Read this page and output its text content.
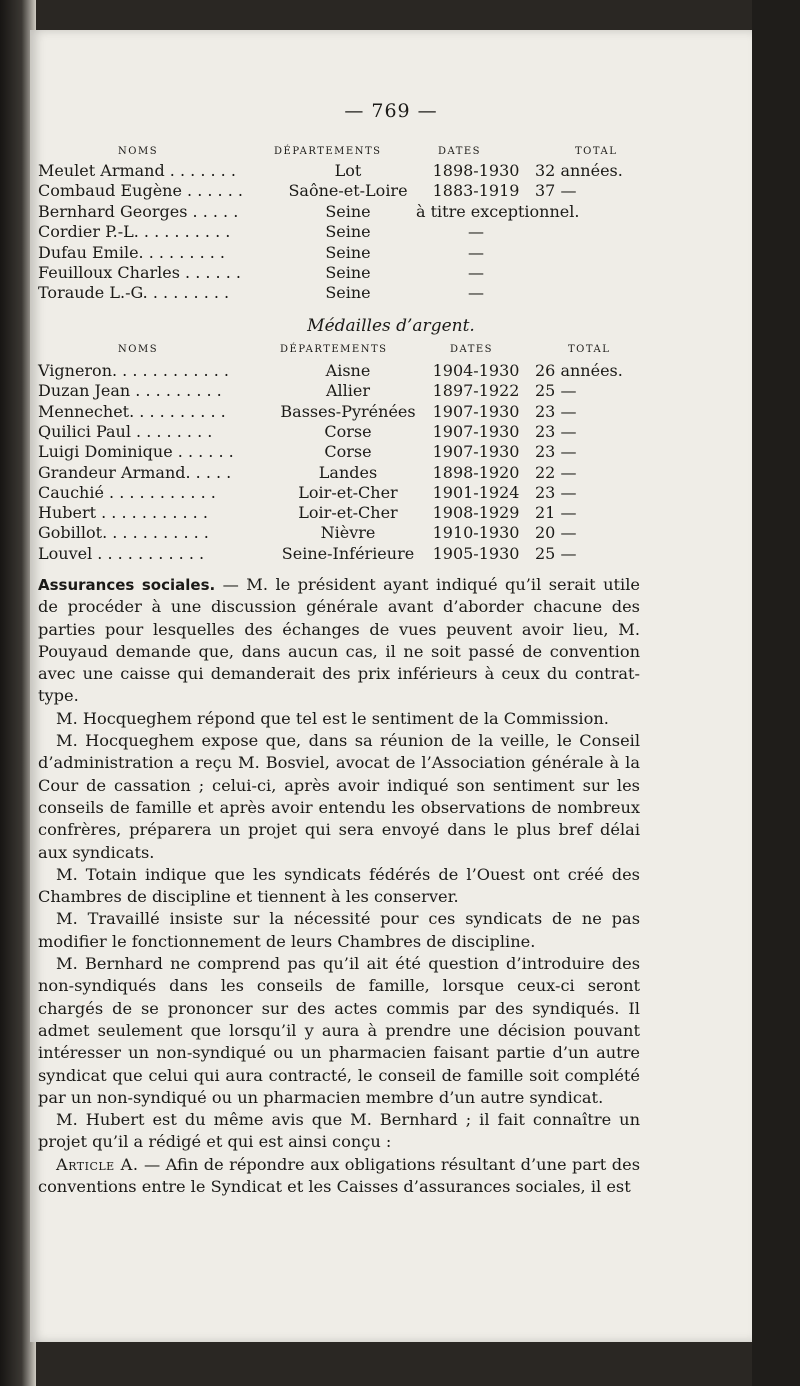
— 769 —
NOMS	DÉPARTEMENTS	DATES	TOTAL
Meulet Armand . . . . . . .	Lot	1898-1930 32 années.
Combaud Eugène . . . . . .	Saône-et-Loire	1883-1919 37 —
Bernhard Georges . . . . .	Seine	à titre exceptionnel.
Cordier P.-L. . . . . . . . . .	Seine	—
Dufau Emile. . . . . . . . .	Seine	—
Feuilloux Charles . . . . . .	Seine	—
Toraude L.-G. . . . . . . . .	Seine	—
Médailles d’argent.
NOMS	DÉPARTEMENTS	DATES	TOTAL
Vigneron. . . . . . . . . . . .	Aisne	1904-1930 26 années.
Duzan Jean . . . . . . . . .	Allier	1897-1922 25 —
Mennechet. . . . . . . . . .	Basses-Pyrénées	1907-1930 23 —
Quilici Paul . . . . . . . .	Corse	1907-1930 23 —
Luigi Dominique . . . . . .	Corse	1907-1930 23 —
Grandeur Armand. . . . .	Landes	1898-1920 22 —
Cauchié . . . . . . . . . . .	Loir-et-Cher	1901-1924 23 —
Hubert . . . . . . . . . . .	Loir-et-Cher	1908-1929 21 —
Gobillot. . . . . . . . . . .	Nièvre	1910-1930 20 —
Louvel . . . . . . . . . . .	Seine-Inférieure	1905-1930 25 —

Assurances sociales. — M. le président ayant indiqué qu’il serait utile de procéder à une discussion générale avant d’aborder chacune des parties pour lesquelles des échanges de vues peuvent avoir lieu, M. Pouyaud demande que, dans aucun cas, il ne soit passé de convention avec une caisse qui demanderait des prix inférieurs à ceux du contrat-type.

M. Hocqueghem répond que tel est le sentiment de la Commission.

M. Hocqueghem expose que, dans sa réunion de la veille, le Conseil d’administration a reçu M. Bosviel, avocat de l’Association générale à la Cour de cassation ; celui-ci, après avoir indiqué son sentiment sur les conseils de famille et après avoir entendu les observations de nombreux confrères, préparera un projet qui sera envoyé dans le plus bref délai aux syndicats.

M. Totain indique que les syndicats fédérés de l’Ouest ont créé des Chambres de discipline et tiennent à les conserver.

M. Travaillé insiste sur la nécessité pour ces syndicats de ne pas modifier le fonctionnement de leurs Chambres de discipline.

M. Bernhard ne comprend pas qu’il ait été question d’introduire des non-syndiqués dans les conseils de famille, lorsque ceux-ci seront chargés de se prononcer sur des actes commis par des syndiqués. Il admet seulement que lorsqu’il y aura à prendre une décision pouvant intéresser un non-syndiqué ou un pharmacien faisant partie d’un autre syndicat que celui qui aura contracté, le conseil de famille soit complété par un non-syndiqué ou un pharmacien membre d’un autre syndicat.

M. Hubert est du même avis que M. Bernhard ; il fait connaître un projet qu’il a rédigé et qui est ainsi conçu :

Article A. — Afin de répondre aux obligations résultant d’une part des conventions entre le Syndicat et les Caisses d’assurances sociales, il est
